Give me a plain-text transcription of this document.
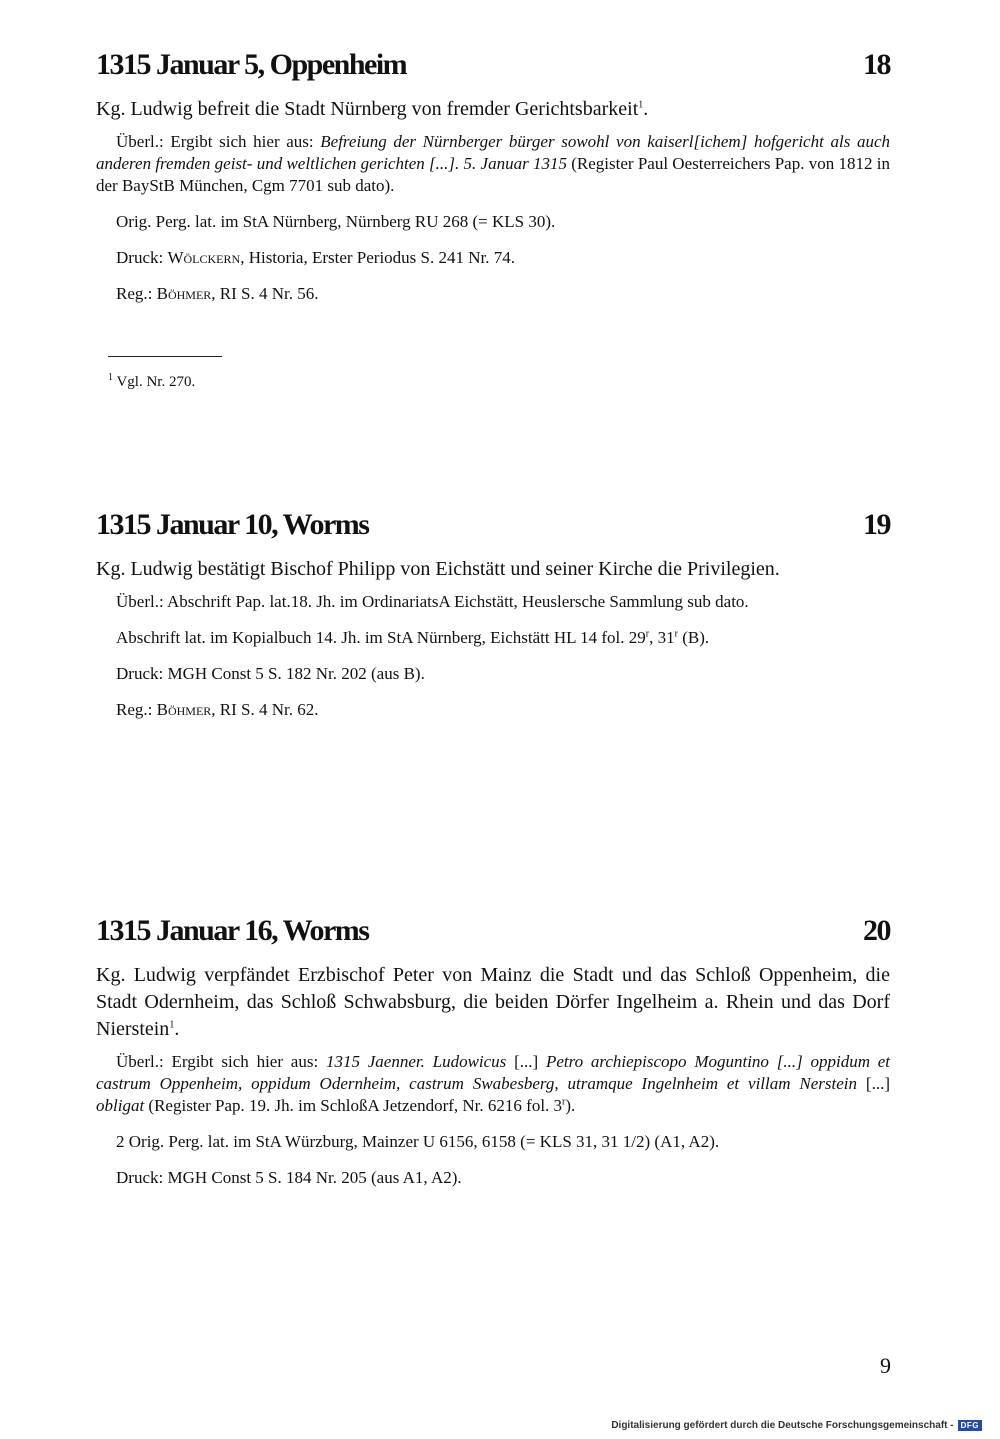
1315 Januar 5, Oppenheim	18

Kg. Ludwig befreit die Stadt Nürnberg von fremder Gerichtsbarkeit$^1$.

Überl.: Ergibt sich hier aus: Befreiung der Nürnberger bürger sowohl von kaiserl[ichem] hofgericht als auch anderen fremden geist- und weltlichen gerichten [...]. 5. Januar 1315 (Register Paul Oesterreichers Pap. von 1812 in der BayStB München, Cgm 7701 sub dato).

Orig. Perg. lat. im StA Nürnberg, Nürnberg RU 268 (= KLS 30).

Druck: Wölckern, Historia, Erster Periodus S. 241 Nr. 74.

Reg.: Böhmer, RI S. 4 Nr. 56.

$^1$ Vgl. Nr. 270.
1315 Januar 10, Worms	19

Kg. Ludwig bestätigt Bischof Philipp von Eichstätt und seiner Kirche die Privilegien.

Überl.: Abschrift Pap. lat.18. Jh. im OrdinariatsA Eichstätt, Heuslersche Sammlung sub dato.

Abschrift lat. im Kopialbuch 14. Jh. im StA Nürnberg, Eichstätt HL 14 fol. 29$^r$, 31$^r$ (B).

Druck: MGH Const 5 S. 182 Nr. 202 (aus B).

Reg.: Böhmer, RI S. 4 Nr. 62.

1315 Januar 16, Worms	20

Kg. Ludwig verpfändet Erzbischof Peter von Mainz die Stadt und das Schloß Oppenheim, die Stadt Odernheim, das Schloß Schwabsburg, die beiden Dörfer Ingelheim a. Rhein und das Dorf Nierstein$^1$.

Überl.: Ergibt sich hier aus: 1315 Jaenner. Ludowicus [...] Petro archiepiscopo Moguntino [...] oppidum et castrum Oppenheim, oppidum Odernheim, castrum Swabesberg, utramque Ingelnheim et villam Nerstein [...] obligat (Register Pap. 19. Jh. im SchloßA Jetzendorf, Nr. 6216 fol. 3$^r$).

2 Orig. Perg. lat. im StA Würzburg, Mainzer U 6156, 6158 (= KLS 31, 31 1/2) (A1, A2).

Druck: MGH Const 5 S. 184 Nr. 205 (aus A1, A2).

9
Digitalisierung gefördert durch die Deutsche Forschungsgemeinschaft - DFG
